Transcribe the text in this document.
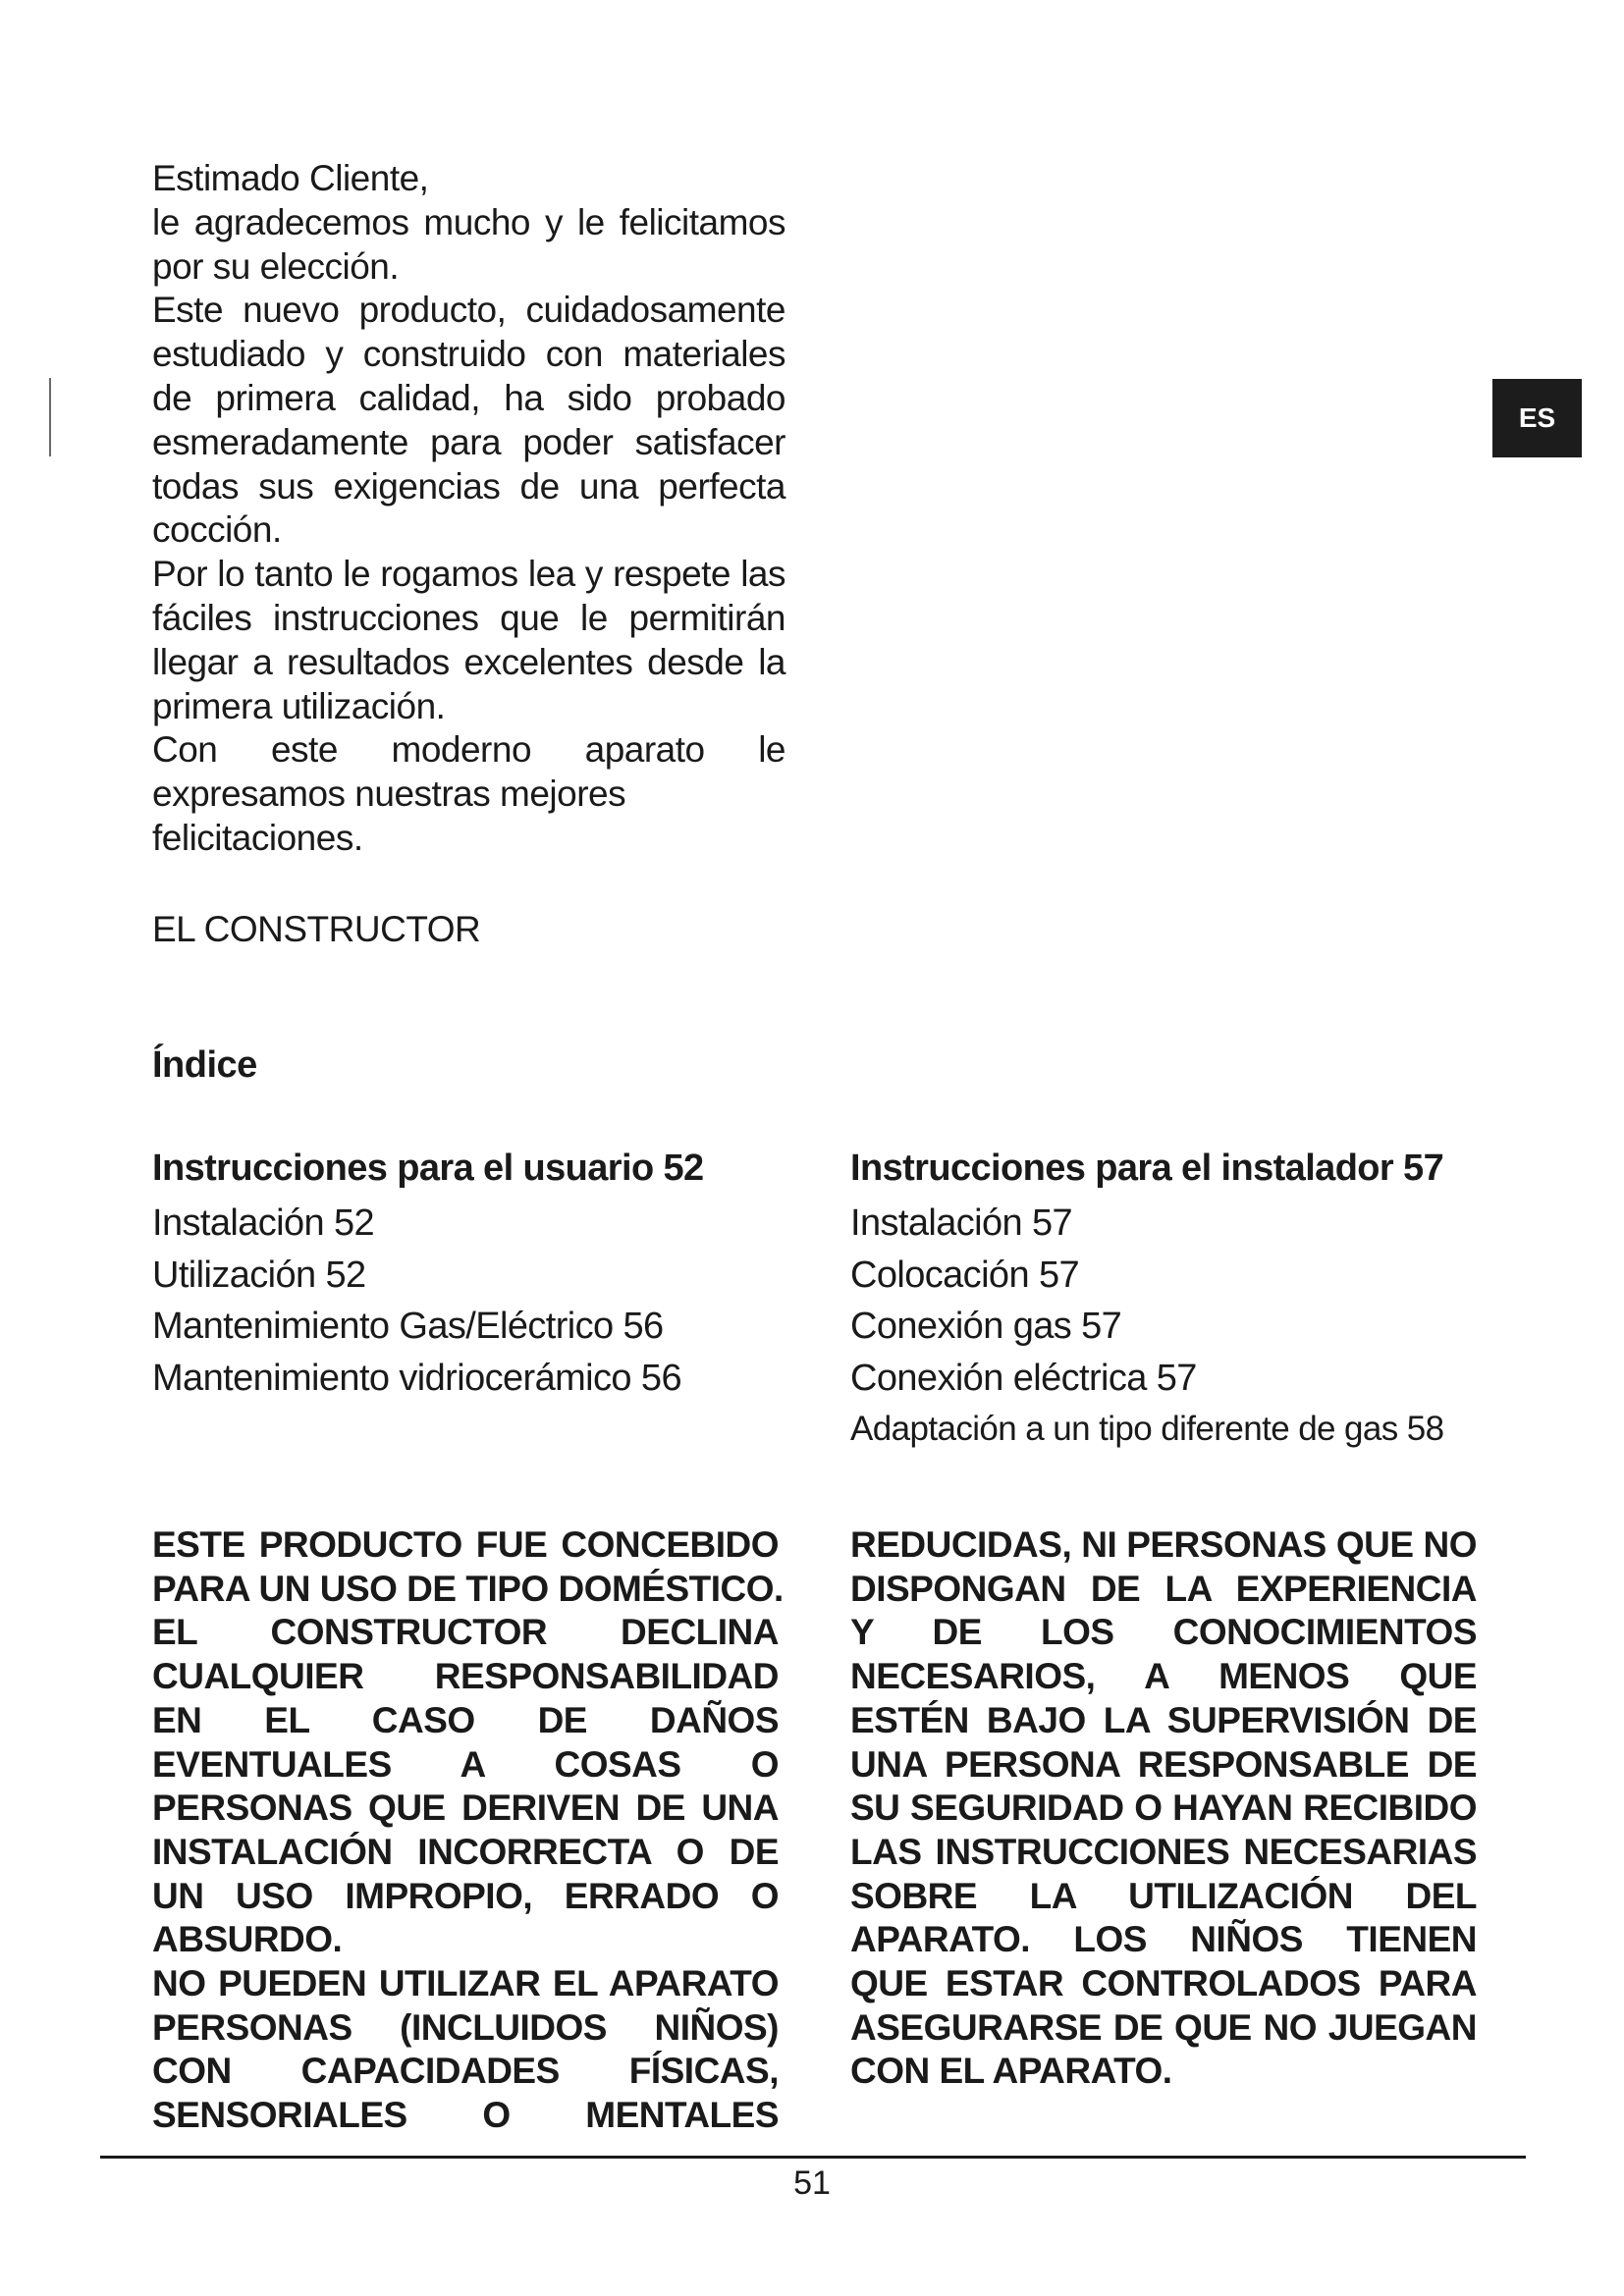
ES
Estimado Cliente,
le agradecemos mucho y le felicitamos
por su elección.
Este nuevo producto, cuidadosamente
estudiado y construido con materiales
de primera calidad, ha sido probado
esmeradamente para poder satisfacer
todas sus exigencias de una perfecta
cocción.
Por lo tanto le rogamos lea y respete las
fáciles instrucciones que le permitirán
llegar a resultados excelentes desde la
primera utilización.
Con este moderno aparato le
expresamos nuestras mejores
felicitaciones.
EL CONSTRUCTOR
Índice
Instrucciones para el usuario 52
Instalación 52
Utilización 52
Mantenimiento Gas/Eléctrico 56
Mantenimiento vidriocerámico 56
Instrucciones para el instalador 57
Instalación 57
Colocación 57
Conexión gas 57
Conexión eléctrica 57
Adaptación a un tipo diferente de gas 58
ESTE PRODUCTO FUE CONCEBIDO
PARA UN USO DE TIPO DOMÉSTICO.
EL CONSTRUCTOR DECLINA
CUALQUIER RESPONSABILIDAD
EN EL CASO DE DAÑOS
EVENTUALES A COSAS O
PERSONAS QUE DERIVEN DE UNA
INSTALACIÓN INCORRECTA O DE
UN USO IMPROPIO, ERRADO O
ABSURDO.
NO PUEDEN UTILIZAR EL APARATO
PERSONAS (INCLUIDOS NIÑOS)
CON CAPACIDADES FÍSICAS,
SENSORIALES O MENTALES
REDUCIDAS, NI PERSONAS QUE NO
DISPONGAN DE LA EXPERIENCIA
Y DE LOS CONOCIMIENTOS
NECESARIOS, A MENOS QUE
ESTÉN BAJO LA SUPERVISIÓN DE
UNA PERSONA RESPONSABLE DE
SU SEGURIDAD O HAYAN RECIBIDO
LAS INSTRUCCIONES NECESARIAS
SOBRE LA UTILIZACIÓN DEL
APARATO. LOS NIÑOS TIENEN
QUE ESTAR CONTROLADOS PARA
ASEGURARSE DE QUE NO JUEGAN
CON EL APARATO.
51
